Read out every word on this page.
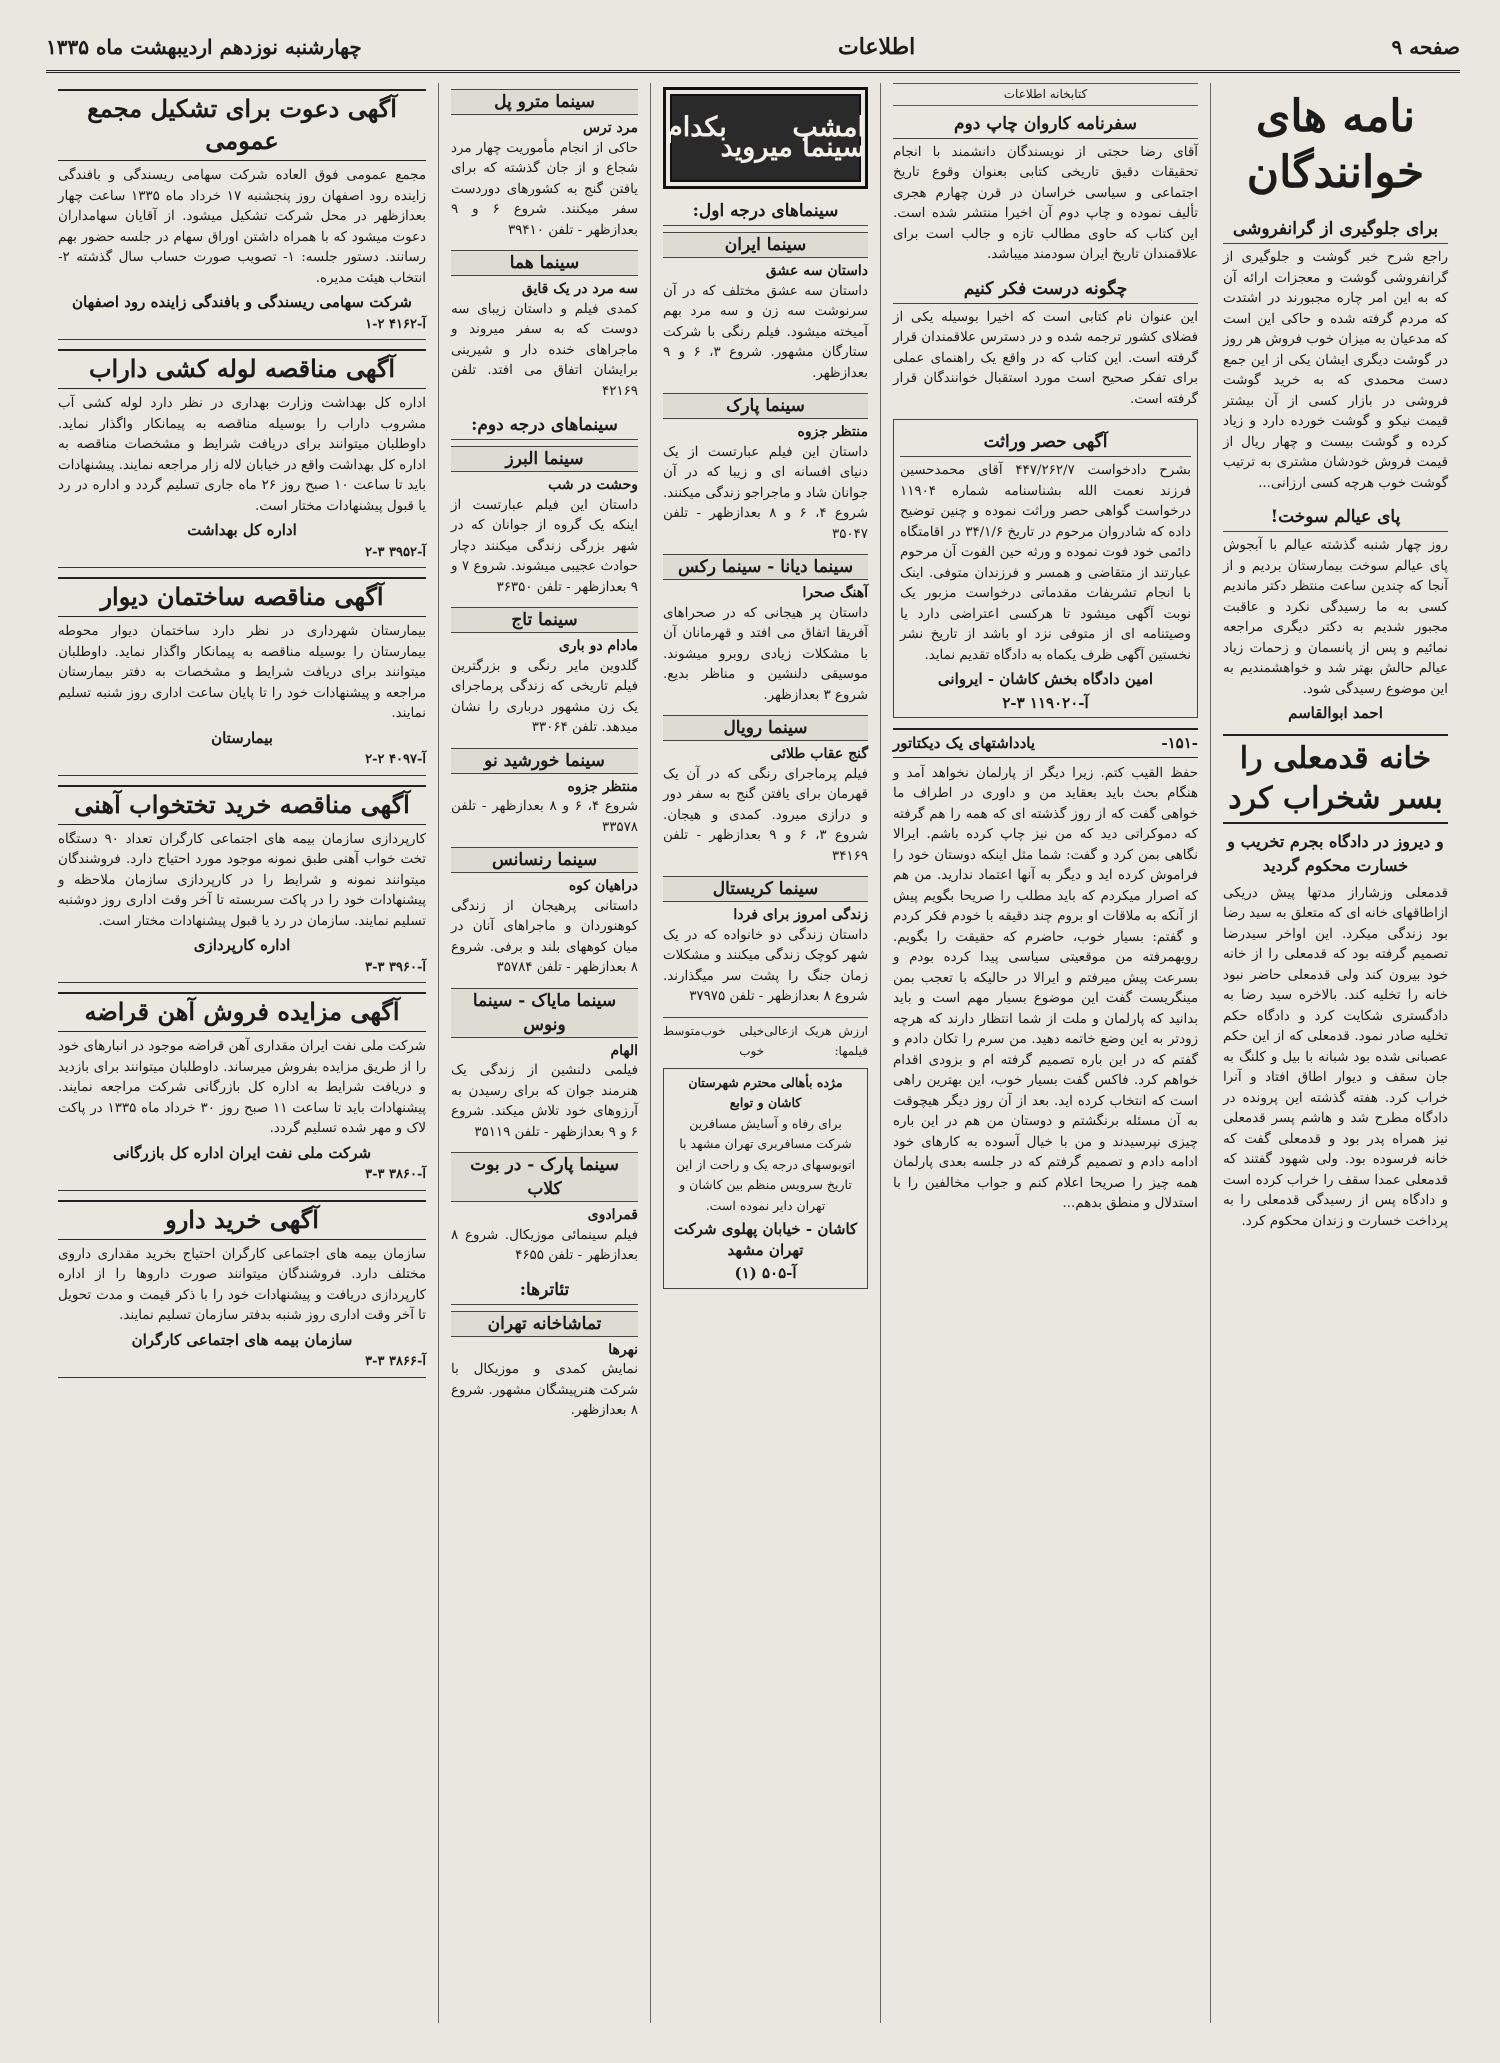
صفحه ۹
اطلاعات
چهارشنبه نوزدهم اردیبهشت ماه ۱۳۳۵
نامه های خوانندگان
برای جلوگیری از گرانفروشی
راجع شرح خبر گوشت و جلوگیری از گرانفروشی گوشت و معجزات ارائه آن که به این امر چاره مجبورند در اشتدت که مردم گرفته شده و حاکی این است که مدعیان به میزان خوب فروش هر روز در گوشت دیگری ایشان یکی از این جمع دست محمدی که به خرید گوشت فروشی در بازار کسی از آن بیشتر قیمت نیکو و گوشت خورده دارد و زیاد کرده و گوشت بیست و چهار ریال از قیمت فروش خودشان مشتری به ترتیب گوشت خوب هرچه کسی ارزانی...
پای عیالم سوخت!
روز چهار شنبه گذشته عیالم با آبجوش پای عیالم سوخت بیمارستان بردیم و از آنجا که چندین ساعت منتظر دکتر ماندیم کسی به ما رسیدگی نکرد و عاقبت مجبور شدیم به دکتر دیگری مراجعه نمائیم و پس از پانسمان و زحمات زیاد عیالم حالش بهتر شد و خواهشمندیم به این موضوع رسیدگی شود.
احمد ابوالقاسم
خانه قدمعلی را بسر شخراب کرد
و دیروز در دادگاه بجرم تخریب و خسارت محکوم گردید
قدمعلی وزشاراز مدتها پیش دریکی ازاطاقهای خانه ای که متعلق به سید رضا بود زندگی میکرد. این اواخر سیدرضا تصمیم گرفته بود که قدمعلی را از خانه خود بیرون کند ولی قدمعلی حاضر نبود خانه را تخلیه کند. بالاخره سید رضا به دادگستری شکایت کرد و دادگاه حکم تخلیه صادر نمود. قدمعلی که از این حکم عصبانی شده بود شبانه با بیل و کلنگ به جان سقف و دیوار اطاق افتاد و آنرا خراب کرد. هفته گذشته این پرونده در دادگاه مطرح شد و هاشم پسر قدمعلی نیز همراه پدر بود و قدمعلی گفت که خانه فرسوده بود. ولی شهود گفتند که قدمعلی عمدا سقف را خراب کرده است و دادگاه پس از رسیدگی قدمعلی را به پرداخت خسارت و زندان محکوم کرد.
کتابخانه اطلاعات
سفرنامه کاروان چاپ دوم
آقای رضا حجتی از نویسندگان دانشمند با انجام تحقیقات دقیق تاریخی کتابی بعنوان وقوع تاریخ اجتماعی و سیاسی خراسان در قرن چهارم هجری تألیف نموده و چاپ دوم آن اخیرا منتشر شده است. این کتاب که حاوی مطالب تازه و جالب است برای علاقمندان تاریخ ایران سودمند میباشد.
چگونه درست فکر کنیم
این عنوان نام کتابی است که اخیرا بوسیله یکی از فضلای کشور ترجمه شده و در دسترس علاقمندان قرار گرفته است. این کتاب که در واقع یک راهنمای عملی برای تفکر صحیح است مورد استقبال خوانندگان قرار گرفته است.
آگهی حصر وراثت
بشرح دادخواست ۴۴۷/۲۶۲/۷ آقای محمدحسین فرزند نعمت الله بشناسنامه شماره ۱۱۹۰۴ درخواست گواهی حصر وراثت نموده و چنین توضیح داده که شادروان مرحوم در تاریخ ۳۴/۱/۶ در اقامتگاه دائمی خود فوت نموده و ورثه حین الفوت آن مرحوم عبارتند از متقاضی و همسر و فرزندان متوفی. اینک با انجام تشریفات مقدماتی درخواست مزبور یک نوبت آگهی میشود تا هرکسی اعتراضی دارد یا وصیتنامه ای از متوفی نزد او باشد از تاریخ نشر نخستین آگهی ظرف یکماه به دادگاه تقدیم نماید.
امین دادگاه بخش کاشان - ایروانی
آ-۱۱۹۰۲۰ ۳-۲
-۱۵۱-
یادداشتهای یک دیکتاتور
حفظ القیب کتم. زیرا دیگر از پارلمان نخواهد آمد و هنگام بحث باید بعقاید من و داوری در اطراف ما خواهی گفت که از روز گذشته ای که همه را هم گرفته که دموکراتی دید که من نیز چاپ کرده باشم. ایرالا نگاهی بمن کرد و گفت: شما مثل اینکه دوستان خود را فراموش کرده اید و دیگر به آنها اعتماد ندارید. من هم که اصرار میکردم که باید مطلب را صریحا بگویم پیش از آنکه به ملاقات او بروم چند دقیقه با خودم فکر کردم و گفتم: بسیار خوب، حاضرم که حقیقت را بگویم. رویهمرفته من موقعیتی سیاسی پیدا کرده بودم و بسرعت پیش میرفتم و ایرالا در حالیکه با تعجب بمن مینگریست گفت این موضوع بسیار مهم است و باید بدانید که پارلمان و ملت از شما انتظار دارند که هرچه زودتر به این وضع خاتمه دهید. من سرم را تکان دادم و گفتم که در این باره تصمیم گرفته ام و بزودی اقدام خواهم کرد. فاکس گفت بسیار خوب، این بهترین راهی است که انتخاب کرده اید. بعد از آن روز دیگر هیچوقت به آن مسئله برنگشتم و دوستان من هم در این باره چیزی نپرسیدند و من با خیال آسوده به کارهای خود ادامه دادم و تصمیم گرفتم که در جلسه بعدی پارلمان همه چیز را صریحا اعلام کنم و جواب مخالفین را با استدلال و منطق بدهم...
امشب بکدام سینما میروید
سینماهای درجه اول:
سینما ایران
داستان سه عشق
داستان سه عشق مختلف که در آن سرنوشت سه زن و سه مرد بهم آمیخته میشود. فیلم رنگی با شرکت ستارگان مشهور. شروع ۳، ۶ و ۹ بعدازظهر.
سینما پارک
منتظر جزوه
داستان این فیلم عبارتست از یک دنیای افسانه ای و زیبا که در آن جوانان شاد و ماجراجو زندگی میکنند. شروع ۴، ۶ و ۸ بعدازظهر - تلفن ۳۵۰۴۷
سینما دیانا - سینما رکس
آهنگ صحرا
داستان پر هیجانی که در صحراهای آفریقا اتفاق می افتد و قهرمانان آن با مشکلات زیادی روبرو میشوند. موسیقی دلنشین و مناظر بدیع. شروع ۳ بعدازظهر.
سینما رویال
گنج عقاب طلائی
فیلم پرماجرای رنگی که در آن یک قهرمان برای یافتن گنج به سفر دور و درازی میرود. کمدی و هیجان. شروع ۳، ۶ و ۹ بعدازظهر - تلفن ۳۴۱۶۹
سینما کریستال
زندگی امروز برای فردا
داستان زندگی دو خانواده که در یک شهر کوچک زندگی میکنند و مشکلات زمان جنگ را پشت سر میگذارند. شروع ۸ بعدازظهر - تلفن ۳۷۹۷۵
ارزش هریک از فیلمها:
عالی
خیلی خوب
خوب
متوسط
مژده بأهالی محترم شهرستان کاشان و توابع
برای رفاه و آسایش مسافرین شرکت مسافربری تهران مشهد با اتوبوسهای درجه یک و راحت از این تاریخ سرویس منظم بین کاشان و تهران دایر نموده است.
کاشان - خیابان پهلوی شرکت تهران مشهد
آ-۵۰۵ (۱)
سینما مترو پل
مرد ترس
حاکی از انجام مأموریت چهار مرد شجاع و از جان گذشته که برای یافتن گنج به کشورهای دوردست سفر میکنند. شروع ۶ و ۹ بعدازظهر - تلفن ۳۹۴۱۰
سینما هما
سه مرد در یک قایق
کمدی فیلم و داستان زیبای سه دوست که به سفر میروند و ماجراهای خنده دار و شیرینی برایشان اتفاق می افتد. تلفن ۴۲۱۶۹
سینماهای درجه دوم:
سینما البرز
وحشت در شب
داستان این فیلم عبارتست از اینکه یک گروه از جوانان که در شهر بزرگی زندگی میکنند دچار حوادث عجیبی میشوند. شروع ۷ و ۹ بعدازظهر - تلفن ۳۶۳۵۰
سینما تاج
مادام دو باری
گلدوین مایر رنگی و بزرگترین فیلم تاریخی که زندگی پرماجرای یک زن مشهور درباری را نشان میدهد. تلفن ۳۳۰۶۴
سینما خورشید نو
منتظر جزوه
شروع ۴، ۶ و ۸ بعدازظهر - تلفن ۳۳۵۷۸
سینما رنسانس
دراهیان کوه
داستانی پرهیجان از زندگی کوهنوردان و ماجراهای آنان در میان کوههای بلند و برفی. شروع ۸ بعدازظهر - تلفن ۳۵۷۸۴
سینما مایاک - سینما ونوس
الهام
فیلمی دلنشین از زندگی یک هنرمند جوان که برای رسیدن به آرزوهای خود تلاش میکند. شروع ۶ و ۹ بعدازظهر - تلفن ۳۵۱۱۹
سینما پارک - در بوت کلاب
قمرادوی
فیلم سینمائی موزیکال. شروع ۸ بعدازظهر - تلفن ۴۶۵۵
تئاترها:
تماشاخانه تهران
نهرها
نمایش کمدی و موزیکال با شرکت هنرپیشگان مشهور. شروع ۸ بعدازظهر.
آگهی دعوت برای تشکیل مجمع عمومی
مجمع عمومی فوق العاده شرکت سهامی ریسندگی و بافندگی زاینده رود اصفهان روز پنجشنبه ۱۷ خرداد ماه ۱۳۳۵ ساعت چهار بعدازظهر در محل شرکت تشکیل میشود. از آقایان سهامداران دعوت میشود که با همراه داشتن اوراق سهام در جلسه حضور بهم رسانند. دستور جلسه: ۱- تصویب صورت حساب سال گذشته ۲- انتخاب هیئت مدیره.
شرکت سهامی ریسندگی و بافندگی زاینده رود اصفهان
آ-۴۱۶۲ ۲-۱
آگهی مناقصه لوله کشی داراب
اداره کل بهداشت وزارت بهداری در نظر دارد لوله کشی آب مشروب داراب را بوسیله مناقصه به پیمانکار واگذار نماید. داوطلبان میتوانند برای دریافت شرایط و مشخصات مناقصه به اداره کل بهداشت واقع در خیابان لاله زار مراجعه نمایند. پیشنهادات باید تا ساعت ۱۰ صبح روز ۲۶ ماه جاری تسلیم گردد و اداره در رد یا قبول پیشنهادات مختار است.
اداره کل بهداشت
آ-۳۹۵۲ ۳-۲
آگهی مناقصه ساختمان دیوار
بیمارستان شهرداری در نظر دارد ساختمان دیوار محوطه بیمارستان را بوسیله مناقصه به پیمانکار واگذار نماید. داوطلبان میتوانند برای دریافت شرایط و مشخصات به دفتر بیمارستان مراجعه و پیشنهادات خود را تا پایان ساعت اداری روز شنبه تسلیم نمایند.
بیمارستان
آ-۴۰۹۷ ۲-۲
آگهی مناقصه خرید تختخواب آهنی
کارپردازی سازمان بیمه های اجتماعی کارگران تعداد ۹۰ دستگاه تخت خواب آهنی طبق نمونه موجود مورد احتیاج دارد. فروشندگان میتوانند نمونه و شرایط را در کارپردازی سازمان ملاحظه و پیشنهادات خود را در پاکت سربسته تا آخر وقت اداری روز دوشنبه تسلیم نمایند. سازمان در رد یا قبول پیشنهادات مختار است.
اداره کارپردازی
آ-۳۹۶۰ ۳-۳
آگهی مزایده فروش آهن قراضه
شرکت ملی نفت ایران مقداری آهن قراضه موجود در انبارهای خود را از طریق مزایده بفروش میرساند. داوطلبان میتوانند برای بازدید و دریافت شرایط به اداره کل بازرگانی شرکت مراجعه نمایند. پیشنهادات باید تا ساعت ۱۱ صبح روز ۳۰ خرداد ماه ۱۳۳۵ در پاکت لاک و مهر شده تسلیم گردد.
شرکت ملی نفت ایران اداره کل بازرگانی
آ-۳۸۶۰ ۳-۳
آگهی خرید دارو
سازمان بیمه های اجتماعی کارگران احتیاج بخرید مقداری داروی مختلف دارد. فروشندگان میتوانند صورت داروها را از اداره کارپردازی دریافت و پیشنهادات خود را با ذکر قیمت و مدت تحویل تا آخر وقت اداری روز شنبه بدفتر سازمان تسلیم نمایند.
سازمان بیمه های اجتماعی کارگران
آ-۳۸۶۶ ۳-۳
